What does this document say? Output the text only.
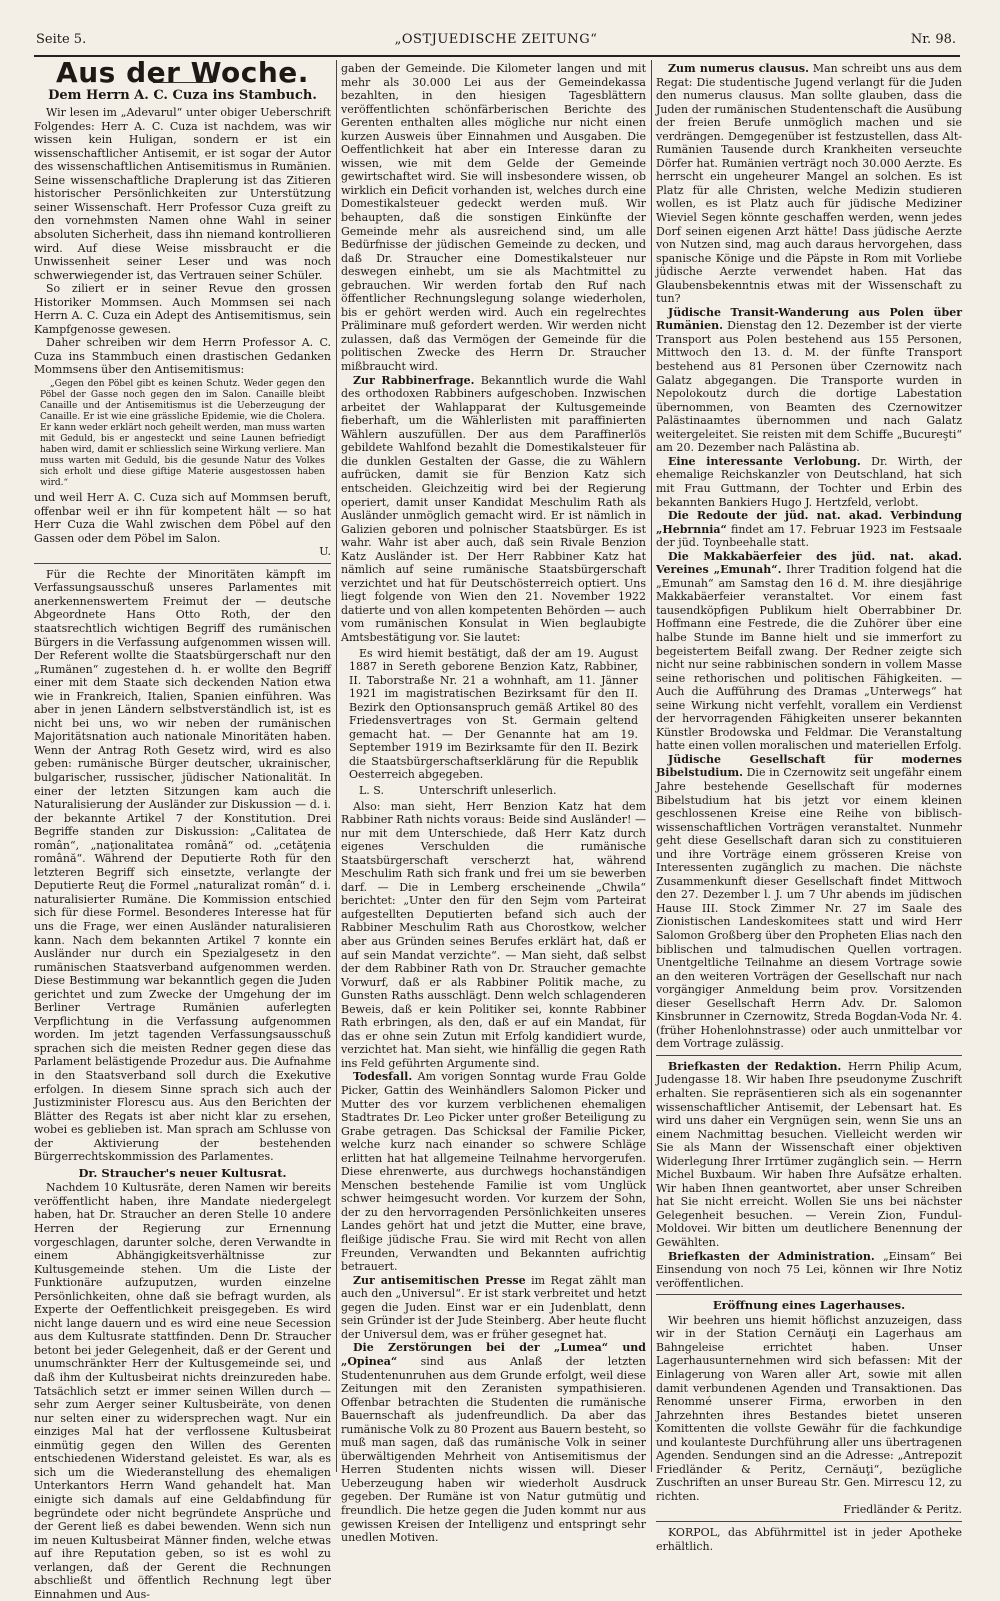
Seite 5.	„OSTJUEDISCHE ZEITUNG“	Nr. 98.
Aus der Woche.
Dem Herrn A. C. Cuza ins Stambuch.

Wir lesen im „Adevarul“ unter obiger Ueberschrift Folgendes: Herr A. C. Cuza ist nachdem, was wir wissen kein Huligan, sondern er ist ein wissenschaftlicher Antisemit, er ist sogar der Autor des wissenschaftlichen Antisemitismus in Rumänien. Seine wissenschaftliche Draplerung ist das Zitieren historischer Persönlichkeiten zur Unterstützung seiner Wissenschaft. Herr Professor Cuza greift zu den vornehmsten Namen ohne Wahl in seiner absoluten Sicherheit, dass ihn niemand kontrollieren wird. Auf diese Weise missbraucht er die Unwissenheit seiner Leser und was noch schwerwiegender ist, das Vertrauen seiner Schüler.

So ziliert er in seiner Revue den grossen Historiker Mommsen. Auch Mommsen sei nach Herrn A. C. Cuza ein Adept des Antisemitismus, sein Kampfgenosse gewesen.

Daher schreiben wir dem Herrn Professor A. C. Cuza ins Stammbuch einen drastischen Gedanken Mommsens über den Antisemitismus:

„Gegen den Pöbel gibt es keinen Schutz. Weder gegen den Pöbel der Gasse noch gegen den im Salon. Canaille bleibt Canaille und der Antisemitismus ist die Ueberzeugung der Canaille. Er ist wie eine grässliche Epidemie, wie die Cholera. Er kann weder erklärt noch geheilt werden, man muss warten mit Geduld, bis er angesteckt und seine Launen befriedigt haben wird, damit er schliesslich seine Wirkung verliere. Man muss warten mit Geduld, bis die gesunde Natur des Volkes sich erholt und diese giftige Materie ausgestossen haben wird.“

und weil Herr A. C. Cuza sich auf Mommsen beruft, offenbar weil er ihn für kompetent hält — so hat Herr Cuza die Wahl zwischen dem Pöbel auf den Gassen oder dem Pöbel im Salon.

U.

Für die Rechte der Minoritäten kämpft im Verfassungsausschuß unseres Parlamentes mit anerkennenswertem Freimut der — deutsche Abgeordnete Hans Otto Roth, der den staatsrechtlich wichtigen Begriff des rumänischen Bürgers in die Verfassung aufgenommen wissen will. Der Referent wollte die Staatsbürgerschaft nur den „Rumänen“ zugestehen d. h. er wollte den Begriff einer mit dem Staate sich deckenden Nation etwa wie in Frankreich, Italien, Spanien einführen. Was aber in jenen Ländern selbstverständlich ist, ist es nicht bei uns, wo wir neben der rumänischen Majoritätsnation auch nationale Minoritäten haben. Wenn der Antrag Roth Gesetz wird, wird es also geben: rumänische Bürger deutscher, ukrainischer, bulgarischer, russischer, jüdischer Nationalität. In einer der letzten Sitzungen kam auch die Naturalisierung der Ausländer zur Diskussion — d. i. der bekannte Artikel 7 der Konstitution. Drei Begriffe standen zur Diskussion: „Calitatea de român“, „naţionalitatea română“ od. „cetăţenia română“. Während der Deputierte Roth für den letzteren Begriff sich einsetzte, verlangte der Deputierte Reuţ die Formel „naturalizat român“ d. i. naturalisierter Rumäne. Die Kommission entschied sich für diese Formel. Besonderes Interesse hat für uns die Frage, wer einen Ausländer naturalisieren kann. Nach dem bekannten Artikel 7 konnte ein Ausländer nur durch ein Spezialgesetz in den rumänischen Staatsverband aufgenommen werden. Diese Bestimmung war bekanntlich gegen die Juden gerichtet und zum Zwecke der Umgehung der im Berliner Vertrage Rumänien auferlegten Verpflichtung in die Verfassung aufgenommen worden. Im jetzt tagenden Verfassungsausschuß sprachen sich die meisten Redner gegen diese das Parlament belästigende Prozedur aus. Die Aufnahme in den Staatsverband soll durch die Exekutive erfolgen. In diesem Sinne sprach sich auch der Justizminister Florescu aus. Aus den Berichten der Blätter des Regats ist aber nicht klar zu ersehen, wobei es geblieben ist. Man sprach am Schlusse von der Aktivierung der bestehenden Bürgerrechtskommission des Parlamentes.

Dr. Straucher's neuer Kultusrat.

Nachdem 10 Kultusräte, deren Namen wir bereits veröffentlicht haben, ihre Mandate niedergelegt haben, hat Dr. Straucher an deren Stelle 10 andere Herren der Regierung zur Ernennung vorgeschlagen, darunter solche, deren Verwandte in einem Abhängigkeitsverhältnisse zur Kultusgemeinde stehen. Um die Liste der Funktionäre aufzuputzen, wurden einzelne Persönlichkeiten, ohne daß sie befragt wurden, als Experte der Oeffentlichkeit preisgegeben. Es wird nicht lange dauern und es wird eine neue Secession aus dem Kultusrate stattfinden. Denn Dr. Straucher betont bei jeder Gelegenheit, daß er der Gerent und unumschränkter Herr der Kultusgemeinde sei, und daß ihm der Kultusbeirat nichts dreinzureden habe. Tatsächlich setzt er immer seinen Willen durch — sehr zum Aerger seiner Kultusbeiräte, von denen nur selten einer zu widersprechen wagt. Nur ein einziges Mal hat der verflossene Kultusbeirat einmütig gegen den Willen des Gerenten entschiedenen Widerstand geleistet. Es war, als es sich um die Wiederanstellung des ehemaligen Unterkantors Herrn Wand gehandelt hat. Man einigte sich damals auf eine Geldabfindung für begründete oder nicht begründete Ansprüche und der Gerent ließ es dabei bewenden. Wenn sich nun im neuen Kultusbeirat Männer finden, welche etwas auf ihre Reputation geben, so ist es wohl zu verlangen, daß der Gerent die Rechnungen abschließt und öffentlich Rechnung legt über Einnahmen und Aus-

gaben der Gemeinde. Die Kilometer langen und mit mehr als 30.000 Lei aus der Gemeindekassa bezahlten, in den hiesigen Tagesblättern veröffentlichten schönfärberischen Berichte des Gerenten enthalten alles mögliche nur nicht einen kurzen Ausweis über Einnahmen und Ausgaben. Die Oeffentlichkeit hat aber ein Interesse daran zu wissen, wie mit dem Gelde der Gemeinde gewirtschaftet wird. Sie will insbesondere wissen, ob wirklich ein Deficit vorhanden ist, welches durch eine Domestikalsteuer gedeckt werden muß. Wir behaupten, daß die sonstigen Einkünfte der Gemeinde mehr als ausreichend sind, um alle Bedürfnisse der jüdischen Gemeinde zu decken, und daß Dr. Straucher eine Domestikalsteuer nur deswegen einhebt, um sie als Machtmittel zu gebrauchen. Wir werden fortab den Ruf nach öffentlicher Rechnungslegung solange wiederholen, bis er gehört werden wird. Auch ein regelrechtes Präliminare muß gefordert werden. Wir werden nicht zulassen, daß das Vermögen der Gemeinde für die politischen Zwecke des Herrn Dr. Straucher mißbraucht wird.

Zur Rabbinerfrage. Bekanntlich wurde die Wahl des orthodoxen Rabbiners aufgeschoben. Inzwischen arbeitet der Wahlapparat der Kultusgemeinde fieberhaft, um die Wählerlisten mit paraffinierten Wählern auszufüllen. Der aus dem Paraffinerlös gebildete Wahlfond bezahlt die Domestikalsteuer für die dunklen Gestalten der Gasse, die zu Wählern aufrücken, damit sie für Benzion Katz sich entscheiden. Gleichzeitig wird bei der Regierung operiert, damit unser Kandidat Meschulim Rath als Ausländer unmöglich gemacht wird. Er ist nämlich in Galizien geboren und polnischer Staatsbürger. Es ist wahr. Wahr ist aber auch, daß sein Rivale Benzion Katz Ausländer ist. Der Herr Rabbiner Katz hat nämlich auf seine rumänische Staatsbürgerschaft verzichtet und hat für Deutschösterreich optiert. Uns liegt folgende von Wien den 21. November 1922 datierte und von allen kompetenten Behörden — auch vom rumänischen Konsulat in Wien beglaubigte Amtsbestätigung vor. Sie lautet:

Es wird hiemit bestätigt, daß der am 19. August 1887 in Sereth geborene Benzion Katz, Rabbiner, II. Taborstraße Nr. 21 a wohnhaft, am 11. Jänner 1921 im magistratischen Bezirksamt für den II. Bezirk den Optionsanspruch gemäß Artikel 80 des Friedensvertrages von St. Germain geltend gemacht hat. — Der Genannte hat am 19. September 1919 im Bezirksamte für den II. Bezirk die Staatsbürgerschaftserklärung für die Republik Oesterreich abgegeben.

L. S.	Unterschrift unleserlich.

Also: man sieht, Herr Benzion Katz hat dem Rabbiner Rath nichts voraus: Beide sind Ausländer! — nur mit dem Unterschiede, daß Herr Katz durch eigenes Verschulden die rumänische Staatsbürgerschaft verscherzt hat, während Meschulim Rath sich frank und frei um sie bewerben darf. — Die in Lemberg erscheinende „Chwila“ berichtet: „Unter den für den Sejm vom Parteirat aufgestellten Deputierten befand sich auch der Rabbiner Meschulim Rath aus Chorostkow, welcher aber aus Gründen seines Berufes erklärt hat, daß er auf sein Mandat verzichte“. — Man sieht, daß selbst der dem Rabbiner Rath von Dr. Straucher gemachte Vorwurf, daß er als Rabbiner Politik mache, zu Gunsten Raths ausschlägt. Denn welch schlagenderen Beweis, daß er kein Politiker sei, konnte Rabbiner Rath erbringen, als den, daß er auf ein Mandat, für das er ohne sein Zutun mit Erfolg kandidiert wurde, verzichtet hat. Man sieht, wie hinfällig die gegen Rath ins Feld geführten Argumente sind.

Todesfall. Am vorigen Sonntag wurde Frau Golde Picker, Gattin des Weinhändlers Salomon Picker und Mutter des vor kurzem verblichenen ehemaligen Stadtrates Dr. Leo Picker unter großer Beteiligung zu Grabe getragen. Das Schicksal der Familie Picker, welche kurz nach einander so schwere Schläge erlitten hat hat allgemeine Teilnahme hervorgerufen. Diese ehrenwerte, aus durchwegs hochanständigen Menschen bestehende Familie ist vom Unglück schwer heimgesucht worden. Vor kurzem der Sohn, der zu den hervorragenden Persönlichkeiten unseres Landes gehört hat und jetzt die Mutter, eine brave, fleißige jüdische Frau. Sie wird mit Recht von allen Freunden, Verwandten und Bekannten aufrichtig betrauert.

Zur antisemitischen Presse im Regat zählt man auch den „Universul“. Er ist stark verbreitet und hetzt gegen die Juden. Einst war er ein Judenblatt, denn sein Gründer ist der Jude Steinberg. Aber heute flucht der Universul dem, was er früher gesegnet hat.

Die Zerstörungen bei der „Lumea“ und „Opinea“ sind aus Anlaß der letzten Studentenunruhen aus dem Grunde erfolgt, weil diese Zeitungen mit den Zeranisten sympathisieren. Offenbar betrachten die Studenten die rumänische Bauernschaft als judenfreundlich. Da aber das rumänische Volk zu 80 Prozent aus Bauern besteht, so muß man sagen, daß das rumänische Volk in seiner überwältigenden Mehrheit von Antisemitismus der Herren Studenten nichts wissen will. Dieser Ueberzeugung haben wir wiederholt Ausdruck gegeben. Der Rumäne ist von Natur gutmütig und freundlich. Die hetze gegen die Juden kommt nur aus gewissen Kreisen der Intelligenz und entspringt sehr unedlen Motiven.

Zum numerus clausus. Man schreibt uns aus dem Regat: Die studentische Jugend verlangt für die Juden den numerus clausus. Man sollte glauben, dass die Juden der rumänischen Studentenschaft die Ausübung der freien Berufe unmöglich machen und sie verdrängen. Demgegenüber ist festzustellen, dass Alt-Rumänien Tausende durch Krankheiten verseuchte Dörfer hat. Rumänien verträgt noch 30.000 Aerzte. Es herrscht ein ungeheurer Mangel an solchen. Es ist Platz für alle Christen, welche Medizin studieren wollen, es ist Platz auch für jüdische Mediziner Wieviel Segen könnte geschaffen werden, wenn jedes Dorf seinen eigenen Arzt hätte! Dass jüdische Aerzte von Nutzen sind, mag auch daraus hervorgehen, dass spanische Könige und die Päpste in Rom mit Vorliebe jüdische Aerzte verwendet haben. Hat das Glaubensbekenntnis etwas mit der Wissenschaft zu tun?

Jüdische Transit-Wanderung aus Polen über Rumänien. Dienstag den 12. Dezember ist der vierte Transport aus Polen bestehend aus 155 Personen, Mittwoch den 13. d. M. der fünfte Transport bestehend aus 81 Personen über Czernowitz nach Galatz abgegangen. Die Transporte wurden in Nepolokoutz durch die dortige Labestation übernommen, von Beamten des Czernowitzer Palästinaamtes übernommen und nach Galatz weitergeleitet. Sie reisten mit dem Schiffe „Bucureşti“ am 20. Dezember nach Palästina ab.

Eine interessante Verlobung. Dr. Wirth, der ehemalige Reichskanzler von Deutschland, hat sich mit Frau Guttmann, der Tochter und Erbin des bekannten Bankiers Hugo J. Hertzfeld, verlobt.

Die Redoute der jüd. nat. akad. Verbindung „Hebrnnia“ findet am 17. Februar 1923 im Festsaale der jüd. Toynbeehalle statt.

Die Makkabäerfeier des jüd. nat. akad. Vereines „Emunah“. Ihrer Tradition folgend hat die „Emunah“ am Samstag den 16 d. M. ihre diesjährige Makkabäerfeier veranstaltet. Vor einem fast tausendköpfigen Publikum hielt Oberrabbiner Dr. Hoffmann eine Festrede, die die Zuhörer über eine halbe Stunde im Banne hielt und sie immerfort zu begeistertem Beifall zwang. Der Redner zeigte sich nicht nur seine rabbinischen sondern in vollem Masse seine rethorischen und politischen Fähigkeiten. — Auch die Aufführung des Dramas „Unterwegs“ hat seine Wirkung nicht verfehlt, vorallem ein Verdienst der hervorragenden Fähigkeiten unserer bekannten Künstler Brodowska und Feldmar. Die Veranstaltung hatte einen vollen moralischen und materiellen Erfolg.

Jüdische Gesellschaft für modernes Bibelstudium. Die in Czernowitz seit ungefähr einem Jahre bestehende Gesellschaft für modernes Bibelstudium hat bis jetzt vor einem kleinen geschlossenen Kreise eine Reihe von biblisch-wissenschaftlichen Vorträgen veranstaltet. Nunmehr geht diese Gesellschaft daran sich zu constituieren und ihre Vorträge einem grösseren Kreise von Interessenten zugänglich zu machen. Die nächste Zusammenkunft dieser Gesellschaft findet Mittwoch den 27. Dezember l. J. um 7 Uhr abends im jüdischen Hause III. Stock Zimmer Nr. 27 im Saale des Zionistischen Landeskomitees statt und wird Herr Salomon Großberg über den Propheten Elias nach den biblischen und talmudischen Quellen vortragen. Unentgeltliche Teilnahme an diesem Vortrage sowie an den weiteren Vorträgen der Gesellschaft nur nach vorgängiger Anmeldung beim prov. Vorsitzenden dieser Gesellschaft Herrn Adv. Dr. Salomon Kinsbrunner in Czernowitz, Streda Bogdan-Voda Nr. 4. (früher Hohenlohnstrasse) oder auch unmittelbar vor dem Vortrage zulässig.

Briefkasten der Redaktion. Herrn Philip Acum, Judengasse 18. Wir haben Ihre pseudonyme Zuschrift erhalten. Sie repräsentieren sich als ein sogenannter wissenschaftlicher Antisemit, der Lebensart hat. Es wird uns daher ein Vergnügen sein, wenn Sie uns an einem Nachmittag besuchen. Vielleicht werden wir Sie als Mann der Wissenschaft einer objektiven Widerlegung Ihrer Irrtümer zugänglich sein. — Herrn Michel Buxbaum. Wir haben Ihre Aufsätze erhalten. Wir haben Ihnen geantwortet, aber unser Schreiben hat Sie nicht erreicht. Wollen Sie uns bei nächster Gelegenheit besuchen. — Verein Zion, Fundul-Moldovei. Wir bitten um deutlichere Benennung der Gewählten.

Briefkasten der Administration. „Einsam“ Bei Einsendung von noch 75 Lei, können wir Ihre Notiz veröffentlichen.

Eröffnung eines Lagerhauses.

Wir beehren uns hiemit höflichst anzuzeigen, dass wir in der Station Cernăuţi ein Lagerhaus am Bahngeleise errichtet haben. Unser Lagerhausunternehmen wird sich befassen: Mit der Einlagerung von Waren aller Art, sowie mit allen damit verbundenen Agenden und Transaktionen. Das Renommé unserer Firma, erworben in den Jahrzehnten ihres Bestandes bietet unseren Komittenten die vollste Gewähr für die fachkundige und koulanteste Durchführung aller uns übertragenen Agenden. Sendungen sind an die Adresse: „Antrepozit Friedländer & Peritz, Cernăuţi“, bezügliche Zuschriften an unser Bureau Str. Gen. Mirrescu 12, zu richten.

Friedländer & Peritz.

KORPOL, das Abführmittel ist in jeder Apotheke erhältlich.
